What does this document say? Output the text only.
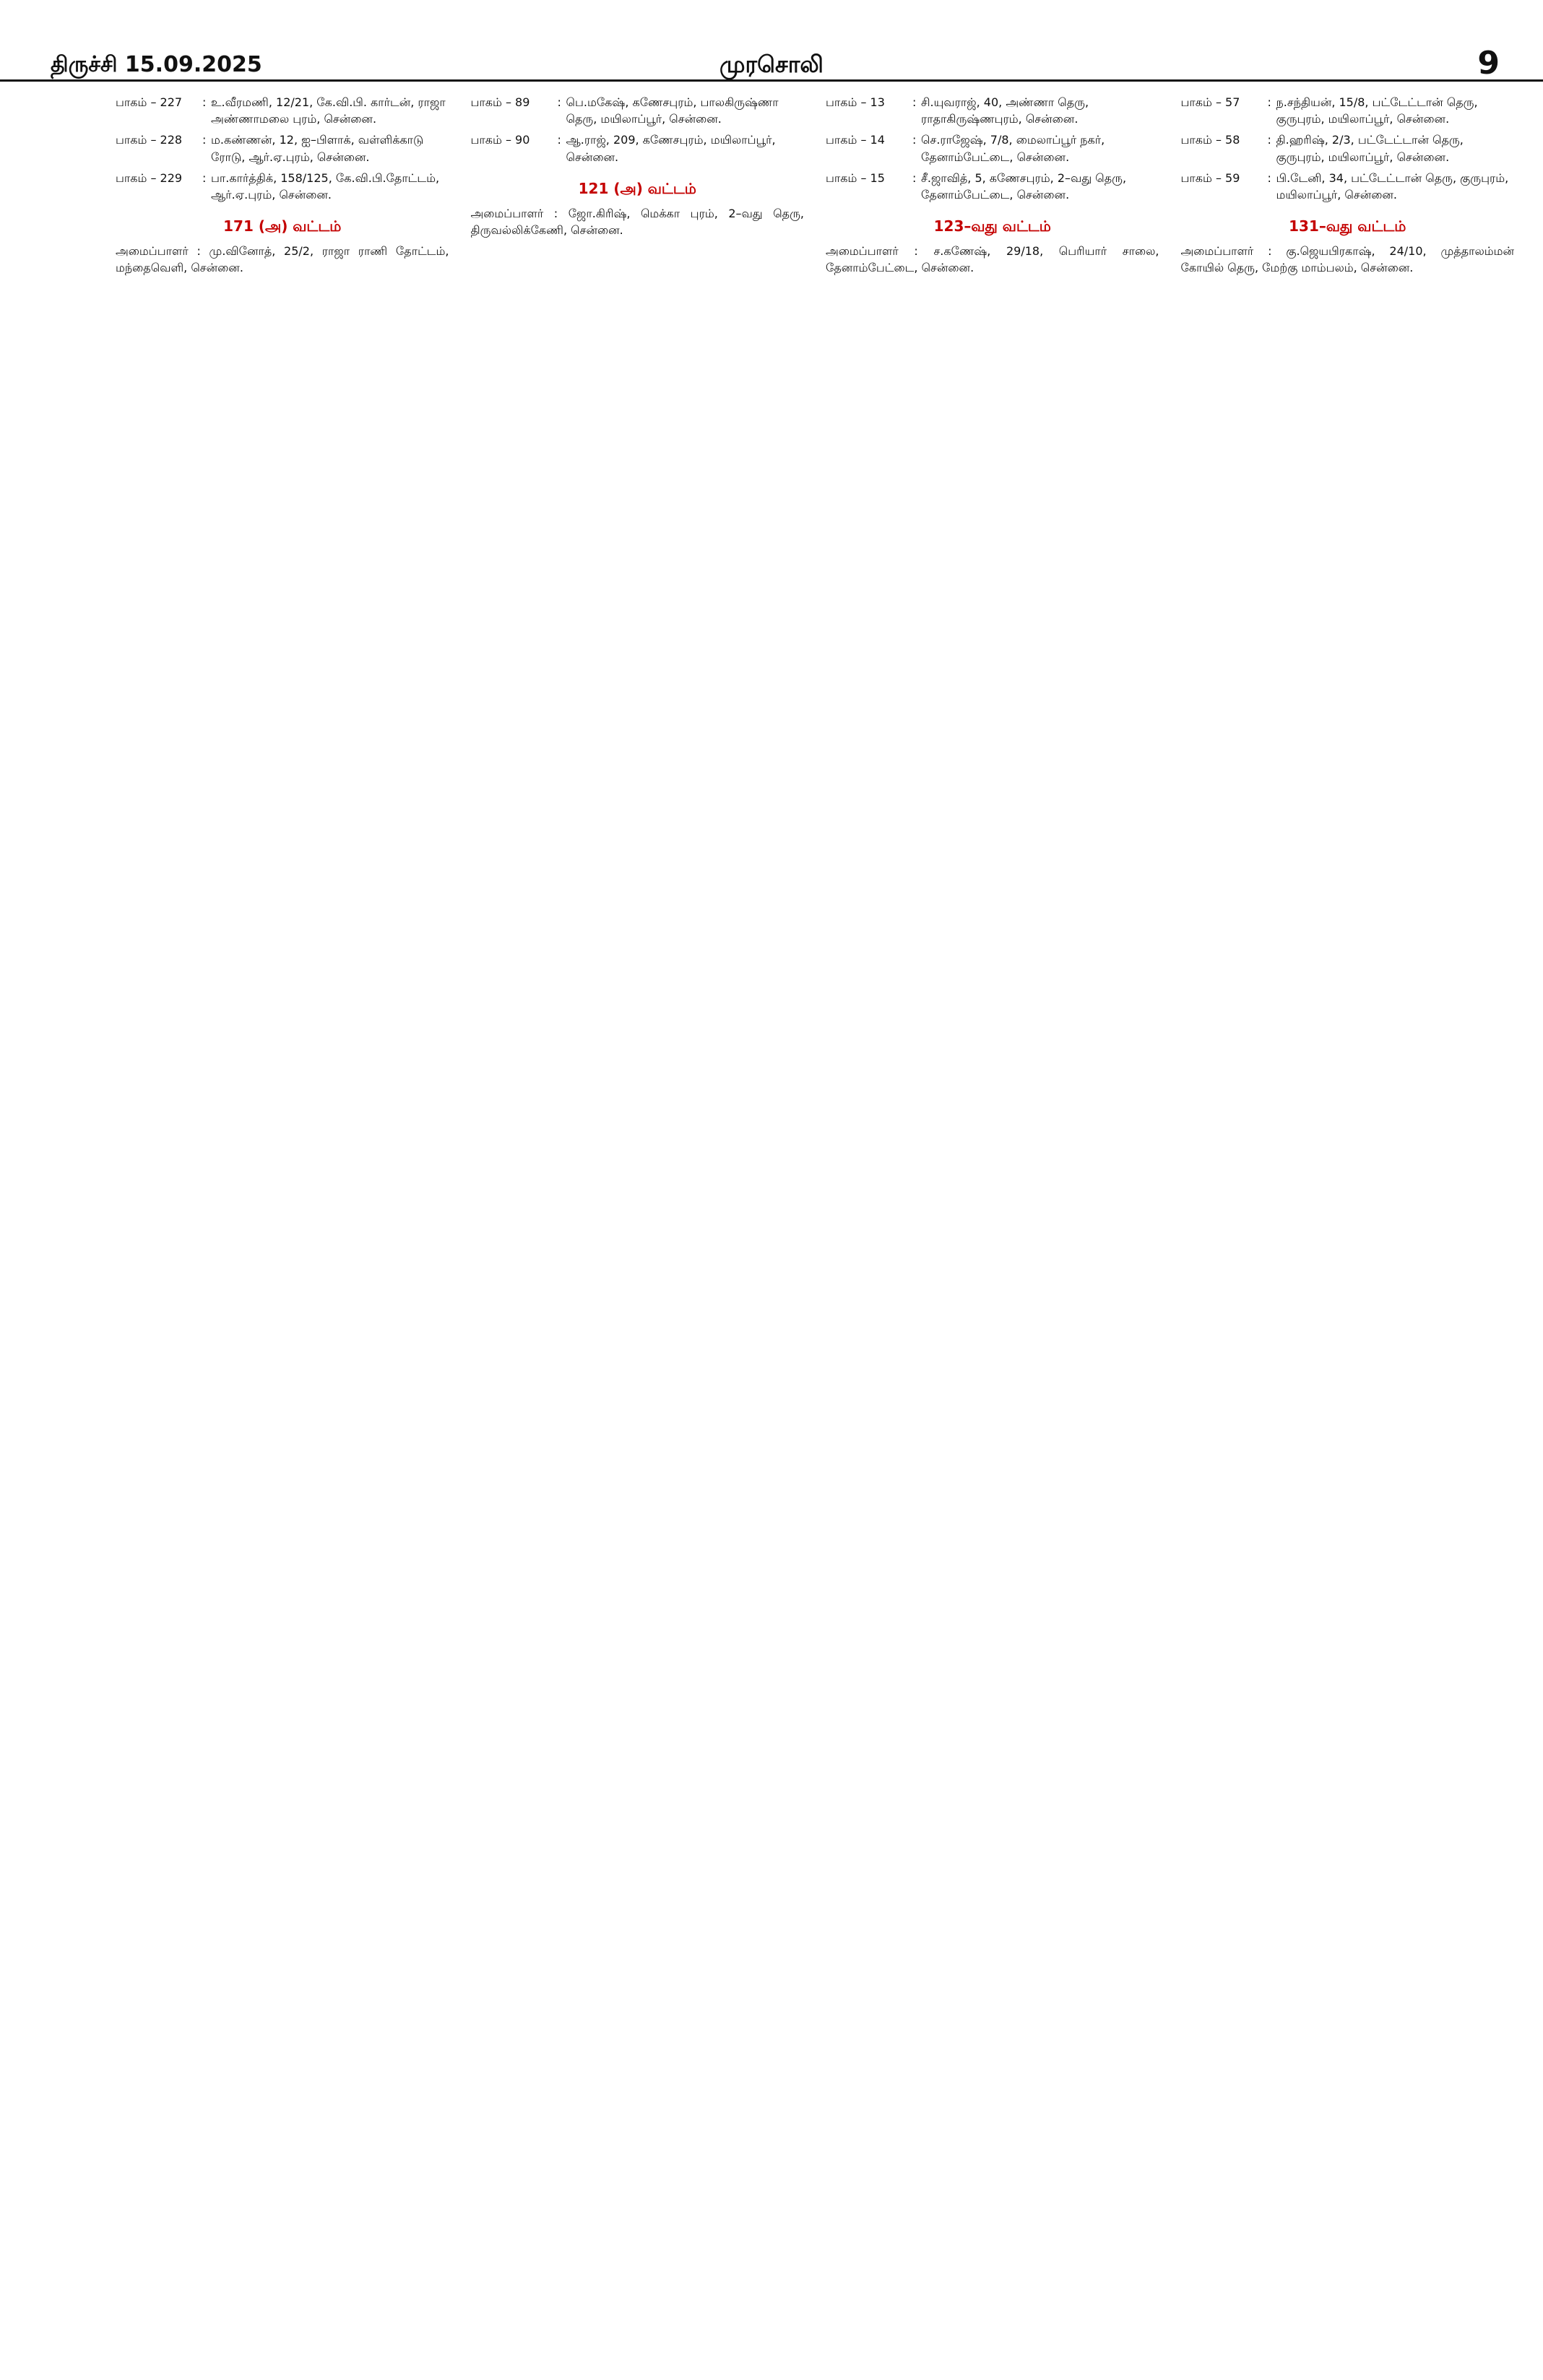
திருச்சி 15.09.2025	முரசொலி	9
பாகம் – 227	: உ.வீரமணி, 12/21, கே.வி.பி. கார்டன், ராஜா அண்ணாமலை புரம், சென்னை.
பாகம் – 228	: ம.கண்ணன், 12, ஐ–பிளாக், வள்ளிக்காடு ரோடு, ஆர்.ஏ.புரம், சென்னை.
பாகம் – 229	: பா.கார்த்திக், 158/125, கே.வி.பி.தோட்டம், ஆர்.ஏ.புரம், சென்னை.
171 (அ) வட்டம்
அமைப்பாளர் : மு.வினோத், 25/2, ராஜா ராணி தோட்டம், மந்தைவெளி, சென்னை.
பாகம் – 89	: பெ.மகேஷ், கணேசபுரம், பாலகிருஷ்ணா தெரு, மயிலாப்பூர், சென்னை.
பாகம் – 90	: ஆ.ராஜ், 209, கணேசபுரம், மயிலாப்பூர், சென்னை.
121 (அ) வட்டம்
அமைப்பாளர் : ஜோ.கிரிஷ், மெக்கா புரம், 2–வது தெரு, திருவல்லிக்கேணி, சென்னை.
பாகம் – 13	: சி.யுவராஜ், 40, அண்ணா தெரு, ராதாகிருஷ்ணபுரம், சென்னை.
பாகம் – 14	: செ.ராஜேஷ், 7/8, மைலாப்பூர் நகர், தேனாம்பேட்டை, சென்னை.
பாகம் – 15	: சீ.ஜாவித், 5, கணேசபுரம், 2–வது தெரு, தேனாம்பேட்டை, சென்னை.
123–வது வட்டம்
அமைப்பாளர் : ச.கணேஷ், 29/18, பெரியார் சாலை, தேனாம்பேட்டை, சென்னை.
பாகம் – 57	: ந.சந்தியன், 15/8, பட்டேட்டான் தெரு, குருபுரம், மயிலாப்பூர், சென்னை.
பாகம் – 58	: தி.ஹரிஷ், 2/3, பட்டேட்டான் தெரு, குருபுரம், மயிலாப்பூர், சென்னை.
பாகம் – 59	: பி.டேனி, 34, பட்டேட்டான் தெரு, குருபுரம், மயிலாப்பூர், சென்னை.
131–வது வட்டம்
அமைப்பாளர் : கு.ஜெயபிரகாஷ், 24/10, முத்தாலம்மன் கோயில் தெரு, மேற்கு மாம்பலம், சென்னை.
